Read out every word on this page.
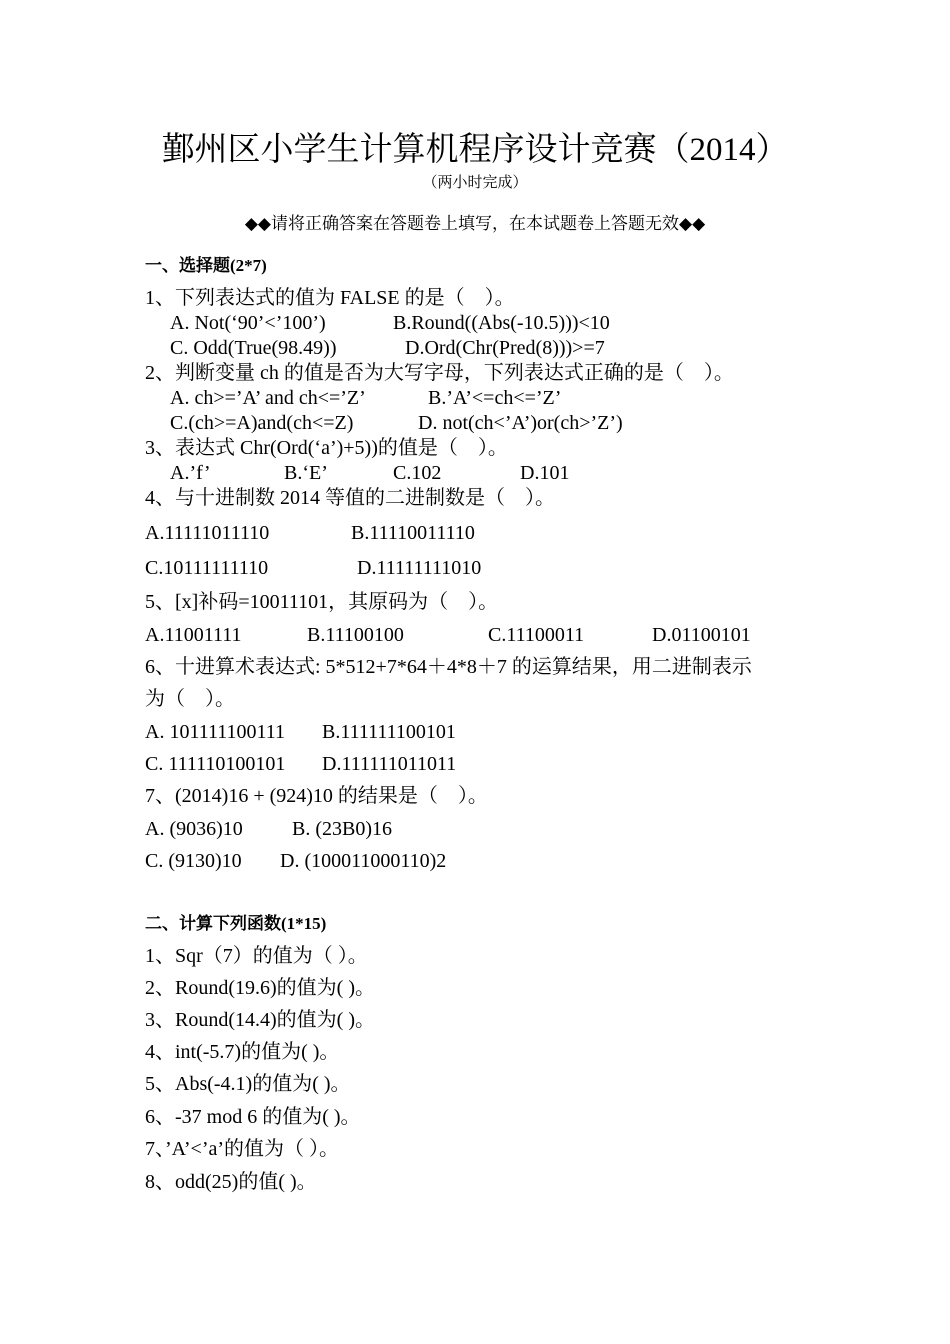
鄞州区小学生计算机程序设计竞赛（2014）
（两小时完成）
◆◆请将正确答案在答题卷上填写，在本试题卷上答题无效◆◆
一、选择题(2*7)
1、下列表达式的值为 FALSE 的是（　）。
A. Not(‘90’<’100’)	B.Round((Abs(-10.5)))<10
C. Odd(True(98.49))	D.Ord(Chr(Pred(8)))>=7
2、判断变量 ch 的值是否为大写字母，下列表达式正确的是（　）。
A. ch>=’A’ and ch<=’Z’	B.’A’<=ch<=’Z’
C.(ch>=A)and(ch<=Z)	D. not(ch<’A’)or(ch>’Z’)
3、表达式 Chr(Ord(‘a’)+5))的值是（　）。
A.’f’	B.‘E’	C.102	D.101
4、与十进制数 2014 等值的二进制数是（　）。
A.11111011110	B.11110011110
C.10111111110	D.11111111010
5、[x]补码=10011101，其原码为（　）。
A.11001111	B.11100100	C.11100011	D.01100101
6、十进算术表达式: 5*512+7*64＋4*8＋7 的运算结果，用二进制表示
为（　）。
A. 101111100111 B.111111100101
C. 111110100101 D.111111011011
7、(2014)16 + (924)10 的结果是（　）。
A. (9036)10 B. (23B0)16
C. (9130)10 D. (100011000110)2
二、计算下列函数(1*15)
1、Sqr（7）的值为（ ）。
2、Round(19.6)的值为( )。
3、Round(14.4)的值为( )。
4、int(-5.7)的值为( )。
5、Abs(-4.1)的值为( )。
6、-37 mod 6 的值为( )。
7、’A’<’a’的值为（ ）。
8、odd(25)的值( )。
